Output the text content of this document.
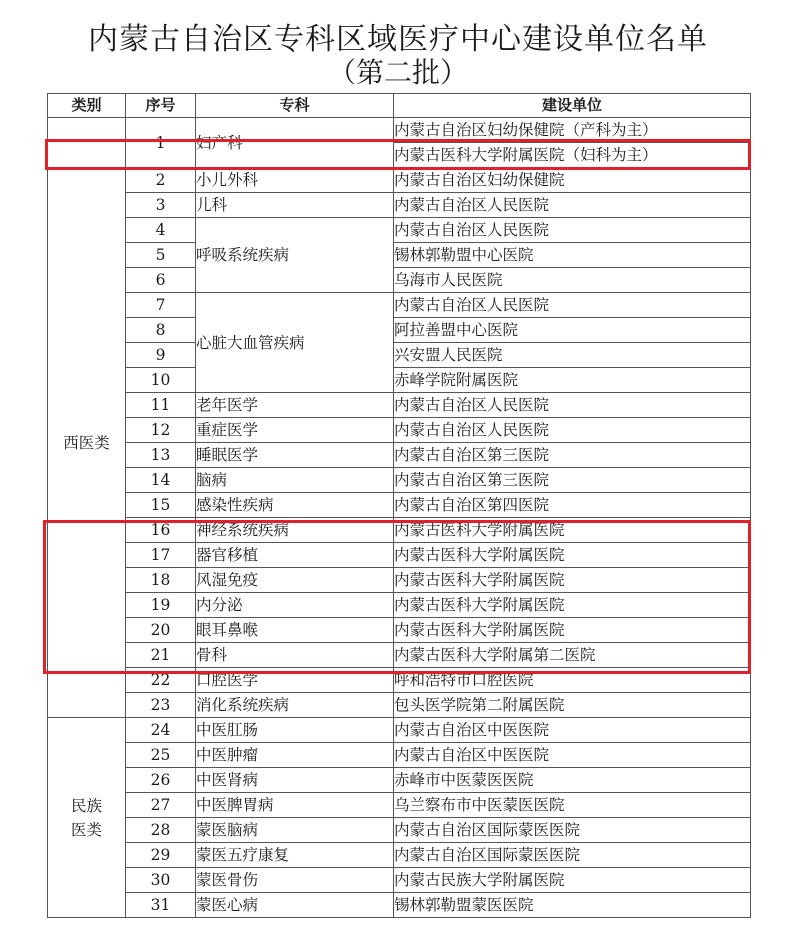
内蒙古自治区专科区域医疗中心建设单位名单
（第二批）
类别	序号	专科	建设单位
	1	妇产科	内蒙古自治区妇幼保健院（产科为主）
			内蒙古医科大学附属医院（妇科为主）
西医类	2	小儿外科	内蒙古自治区妇幼保健院
	3	儿科	内蒙古自治区人民医院
	4	呼吸系统疾病	内蒙古自治区人民医院
	5		锡林郭勒盟中心医院
	6		乌海市人民医院
	7	心脏大血管疾病	内蒙古自治区人民医院
	8		阿拉善盟中心医院
	9		兴安盟人民医院
	10		赤峰学院附属医院
	11	老年医学	内蒙古自治区人民医院
	12	重症医学	内蒙古自治区人民医院
	13	睡眠医学	内蒙古自治区第三医院
	14	脑病	内蒙古自治区第三医院
	15	感染性疾病	内蒙古自治区第四医院
	16	神经系统疾病	内蒙古医科大学附属医院
	17	器官移植	内蒙古医科大学附属医院
	18	风湿免疫	内蒙古医科大学附属医院
	19	内分泌	内蒙古医科大学附属医院
	20	眼耳鼻喉	内蒙古医科大学附属医院
	21	骨科	内蒙古医科大学附属第二医院
	22	口腔医学	呼和浩特市口腔医院
	23	消化系统疾病	包头医学院第二附属医院

民族
医类	24	中医肛肠	内蒙古自治区中医医院
	25	中医肿瘤	内蒙古自治区中医医院
	26	中医肾病	赤峰市中医蒙医医院
	27	中医脾胃病	乌兰察布市中医蒙医医院
	28	蒙医脑病	内蒙古自治区国际蒙医医院
	29	蒙医五疗康复	内蒙古自治区国际蒙医医院
	30	蒙医骨伤	内蒙古民族大学附属医院
	31	蒙医心病	锡林郭勒盟蒙医医院
